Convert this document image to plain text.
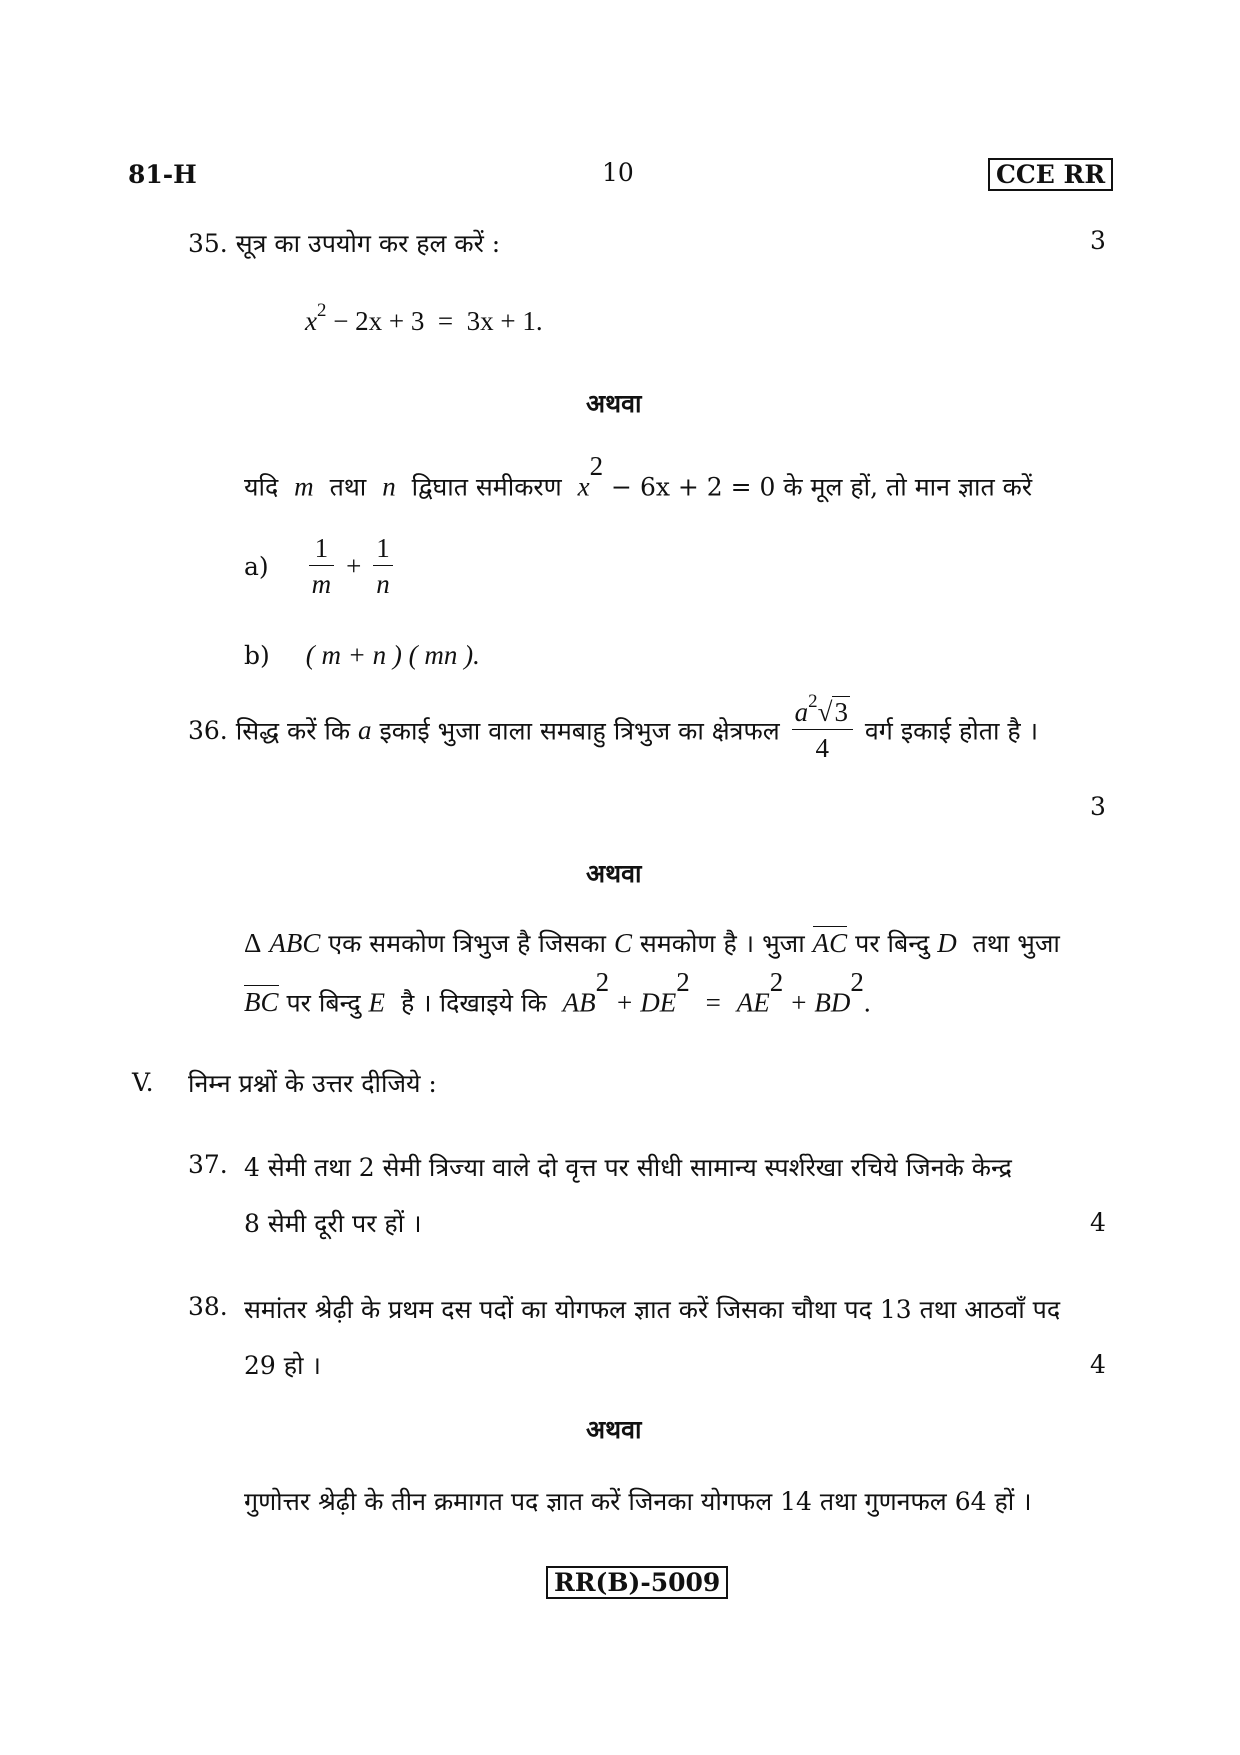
81-H	10	CCE RR
35. सूत्र का उपयोग कर हल करें :	3
$x^2 - 2x + 3 = 3x + 1$.
अथवा
यदि m तथा n द्विघात समीकरण $x^2 - 6x + 2 = 0$ के मूल हों, तो मान ज्ञात करें
$a) \frac{1}{m} + \frac{1}{n}$
b) ( m + n ) ( mn ).
36. सिद्ध करें कि a इकाई भुजा वाला समबाहु त्रिभुज का क्षेत्रफल $\frac{a^2√3}{4}$ वर्ग इकाई होता है ।
3
अथवा
Δ ABC एक समकोण त्रिभुज है जिसका C समकोण है । भुजा AC पर बिन्दु D तथा भुजा
BC पर बिन्दु E है । दिखाइये कि $AB^2 + DE^2 = AE^2 + BD^2$.
V. निम्न प्रश्नों के उत्तर दीजिये :
37. 4 सेमी तथा 2 सेमी त्रिज्या वाले दो वृत्त पर सीधी सामान्य स्पर्शरेखा रचिये जिनके केन्द्र
8 सेमी दूरी पर हों ।	4
38. समांतर श्रेढ़ी के प्रथम दस पदों का योगफल ज्ञात करें जिसका चौथा पद 13 तथा आठवाँ पद
29 हो ।	4
अथवा
गुणोत्तर श्रेढ़ी के तीन क्रमागत पद ज्ञात करें जिनका योगफल 14 तथा गुणनफल 64 हों ।
RR(B)-5009
